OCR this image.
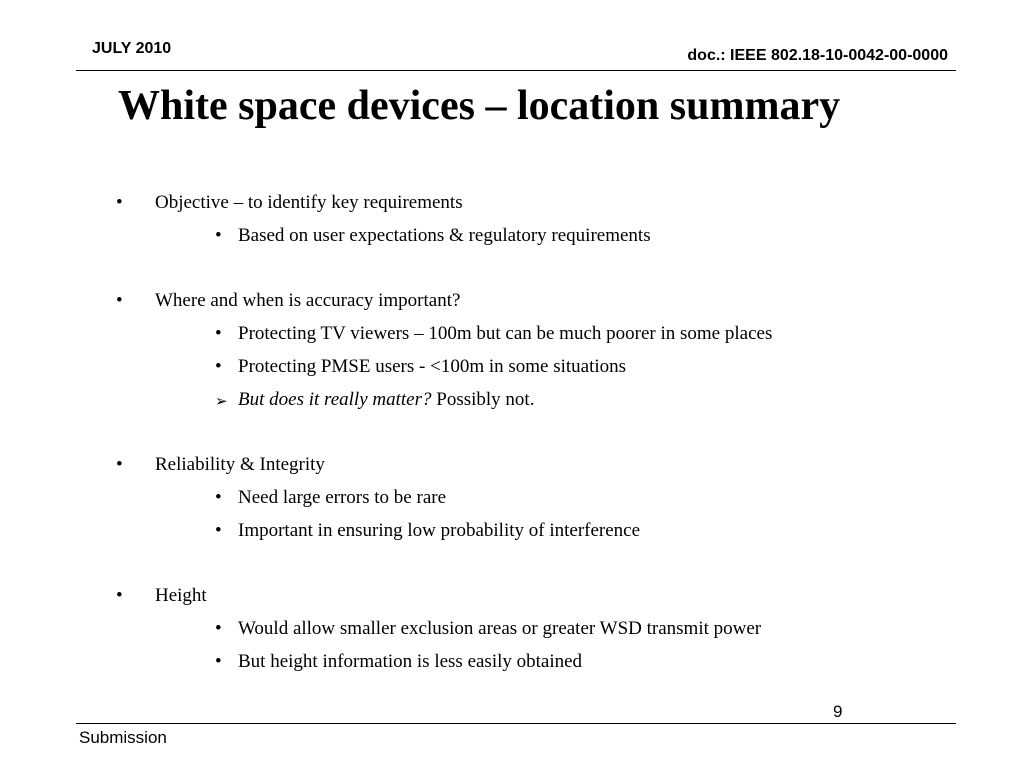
JULY 2010	doc.: IEEE 802.18-10-0042-00-0000
White space devices – location summary
• Objective – to identify key requirements
• Based on user expectations & regulatory requirements
• Where and when is accuracy important?
• Protecting TV viewers – 100m but can be much poorer in some places
• Protecting PMSE users - <100m in some situations
➢ But does it really matter? Possibly not.
• Reliability & Integrity
• Need large errors to be rare
• Important in ensuring low probability of interference
• Height
• Would allow smaller exclusion areas or greater WSD transmit power
• But height information is less easily obtained
9
Submission
